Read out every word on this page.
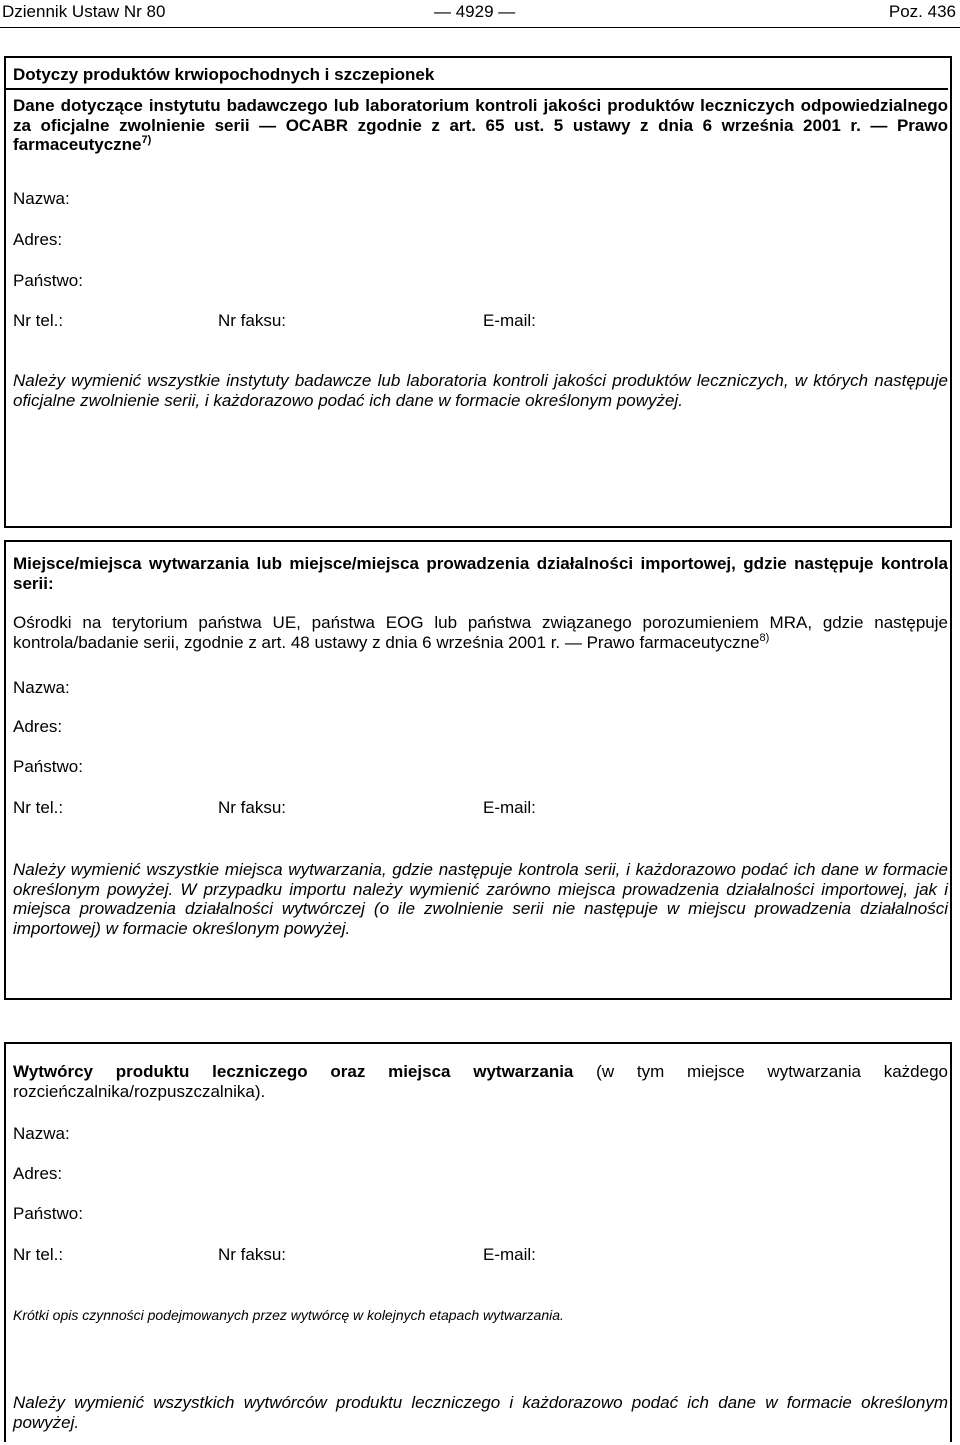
Dziennik Ustaw Nr 80	— 4929 —	Poz. 436
Dotyczy produktów krwiopochodnych i szczepionek
Dane dotyczące instytutu badawczego lub laboratorium kontroli jakości produktów leczniczych odpowiedzialnego za oficjalne zwolnienie serii — OCABR zgodnie z art. 65 ust. 5 ustawy z dnia 6 września 2001 r. — Prawo farmaceutyczne$^{7)}$
Nazwa:
Adres:
Państwo:
Nr tel.:	Nr faksu:	E-mail:
Należy wymienić wszystkie instytuty badawcze lub laboratoria kontroli jakości produktów leczniczych, w których następuje oficjalne zwolnienie serii, i każdorazowo podać ich dane w formacie określonym powyżej.
Miejsce/miejsca wytwarzania lub miejsce/miejsca prowadzenia działalności importowej, gdzie następuje kontrola serii:
Ośrodki na terytorium państwa UE, państwa EOG lub państwa związanego porozumieniem MRA, gdzie następuje kontrola/badanie serii, zgodnie z art. 48 ustawy z dnia 6 września 2001 r. — Prawo farmaceutyczne$^{8)}$
Nazwa:
Adres:
Państwo:
Nr tel.:	Nr faksu:	E-mail:
Należy wymienić wszystkie miejsca wytwarzania, gdzie następuje kontrola serii, i każdorazowo podać ich dane w formacie określonym powyżej. W przypadku importu należy wymienić zarówno miejsca prowadzenia działalności importowej, jak i miejsca prowadzenia działalności wytwórczej (o ile zwolnienie serii nie następuje w miejscu prowadzenia działalności importowej) w formacie określonym powyżej.
Wytwórcy produktu leczniczego oraz miejsca wytwarzania (w tym miejsce wytwarzania każdego rozcieńczalnika/rozpuszczalnika).
Nazwa:
Adres:
Państwo:
Nr tel.:	Nr faksu:	E-mail:
Krótki opis czynności podejmowanych przez wytwórcę w kolejnych etapach wytwarzania.
Należy wymienić wszystkich wytwórców produktu leczniczego i każdorazowo podać ich dane w formacie określonym powyżej.
